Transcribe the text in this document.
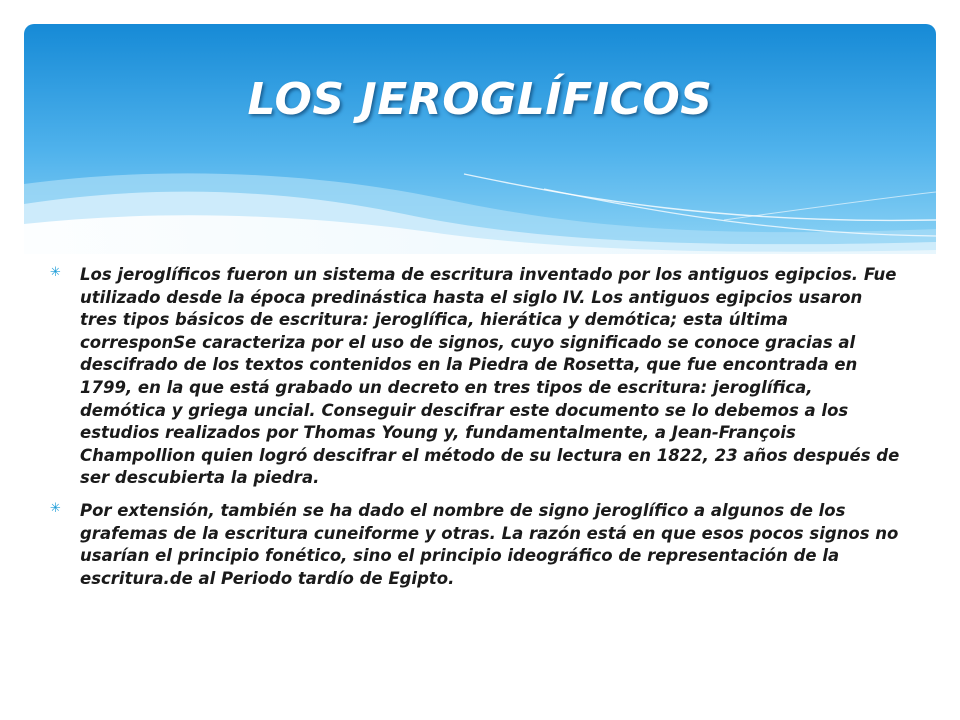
LOS JEROGLÍFICOS
✳ Los jeroglíficos fueron un sistema de escritura inventado por los antiguos egipcios. Fue utilizado desde la época predinástica hasta el siglo IV. Los antiguos egipcios usaron tres tipos básicos de escritura: jeroglífica, hierática y demótica; esta última corresponSe caracteriza por el uso de signos, cuyo significado se conoce gracias al descifrado de los textos contenidos en la Piedra de Rosetta, que fue encontrada en 1799, en la que está grabado un decreto en tres tipos de escritura: jeroglífica, demótica y griega uncial. Conseguir descifrar este documento se lo debemos a los estudios realizados por Thomas Young y, fundamentalmente, a Jean-François Champollion quien logró descifrar el método de su lectura en 1822, 23 años después de ser descubierta la piedra.
✳ Por extensión, también se ha dado el nombre de signo jeroglífico a algunos de los grafemas de la escritura cuneiforme y otras. La razón está en que esos pocos signos no usarían el principio fonético, sino el principio ideográfico de representación de la escritura.de al Periodo tardío de Egipto.
